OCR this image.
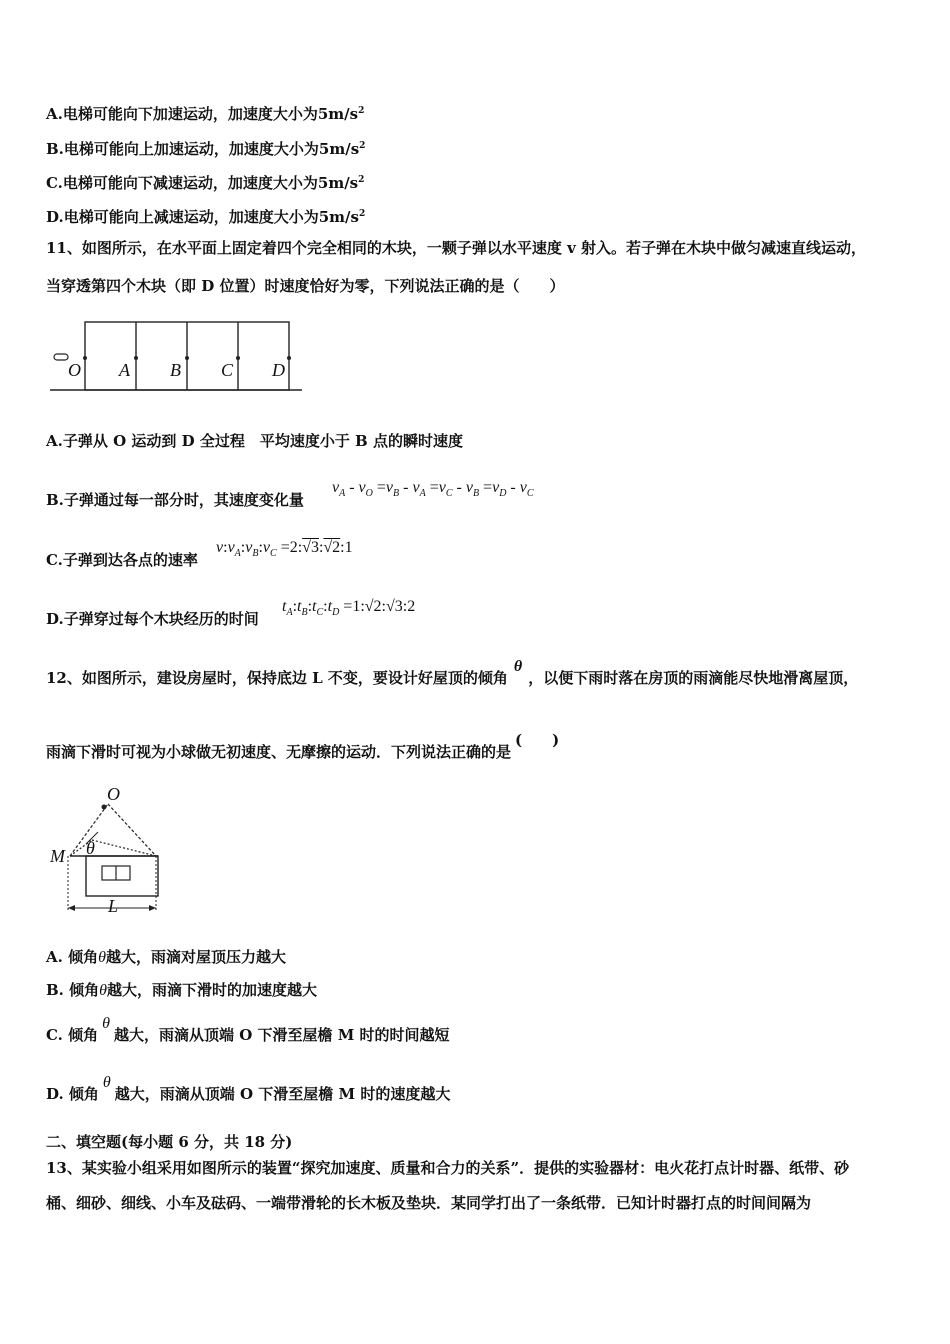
A.电梯可能向下加速运动，加速度大小为$5m/s^2$
B.电梯可能向上加速运动，加速度大小为$5m/s^2$
C.电梯可能向下减速运动，加速度大小为$5m/s^2$
D.电梯可能向上减速运动，加速度大小为$5m/s^2$
11、如图所示，在水平面上固定着四个完全相同的木块，一颗子弹以水平速度 v 射入。若子弹在木块中做匀减速直线运动，
当穿透第四个木块（即 D 位置）时速度恰好为零，下列说法正确的是（　　）
O A B C D
A.子弹从 O 运动到 D 全过程　平均速度小于 B 点的瞬时速度
B.子弹通过每一部分时，其速度变化量
$v_A - v_O =v_B - v_A =v_C - v_B =v_D - v_C$
C.子弹到达各点的速率
$v:v_A:v_B:v_C$ =2:√3:√2:1
D.子弹穿过每个木块经历的时间
$t_A:t_B:t_C:t_D$ =1:√2:√3:2
12、如图所示，建设房屋时，保持底边 L 不变，要设计好屋顶的倾角θ，以便下雨时落在房顶的雨滴能尽快地滑离屋顶，
雨滴下滑时可视为小球做无初速度、无摩擦的运动．下列说法正确的是(　　)
O
M θ
L
A. 倾角θ越大，雨滴对屋顶压力越大
B. 倾角θ越大，雨滴下滑时的加速度越大
C. 倾角θ越大，雨滴从顶端 O 下滑至屋檐 M 时的时间越短
D. 倾角θ越大，雨滴从顶端 O 下滑至屋檐 M 时的速度越大
二、填空题(每小题 6 分，共 18 分)
13、某实验小组采用如图所示的装置“探究加速度、质量和合力的关系”．提供的实验器材：电火花打点计时器、纸带、砂
桶、细砂、细线、小车及砝码、一端带滑轮的长木板及垫块．某同学打出了一条纸带．已知计时器打点的时间间隔为
